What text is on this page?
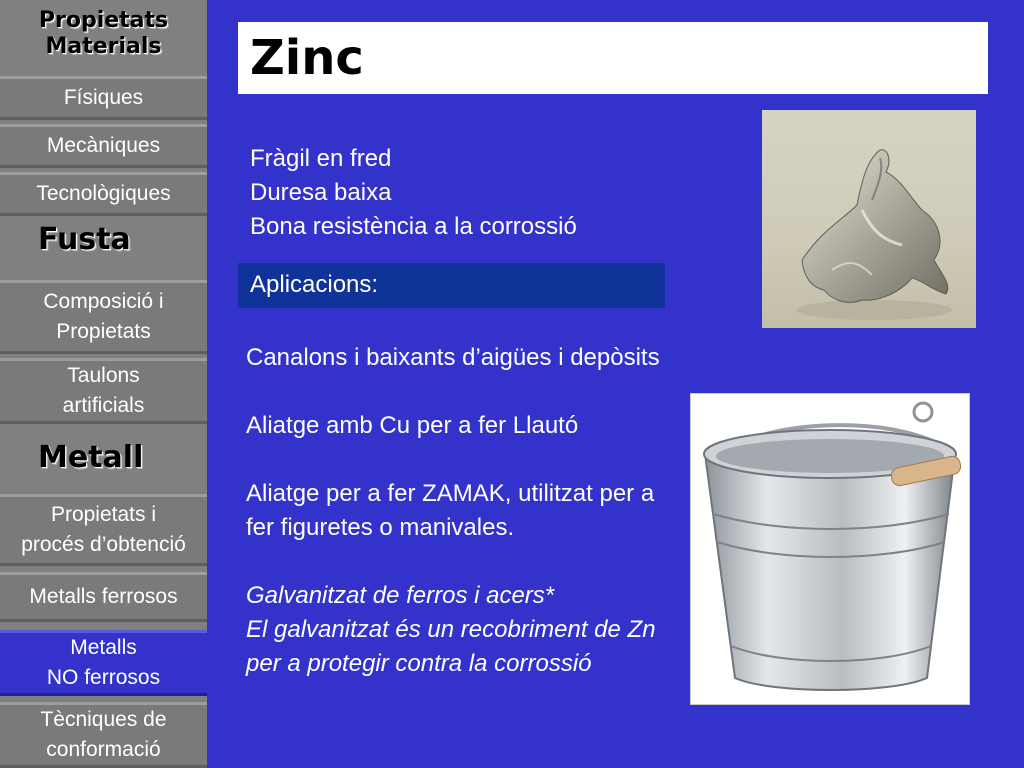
Propietats
Materials
Físiques
Mecàniques
Tecnològiques
Fusta
Composició i
Propietats
Taulons
artificials
Metall
Propietats i
procés d’obtenció
Metalls ferrosos
Metalls
NO ferrosos
Tècniques de
conformació
Zinc
Fràgil en fred
Duresa baixa
Bona resistència a la corrossió
Aplicacions:
Canalons i baixants d’aigües i depòsits
Aliatge amb Cu per a fer Llautó
Aliatge per a fer ZAMAK, utilitzat per a fer figuretes o manivales.
Galvanitzat de ferros i acers*
El galvanitzat és un recobriment de Zn per a protegir contra la corrossió
